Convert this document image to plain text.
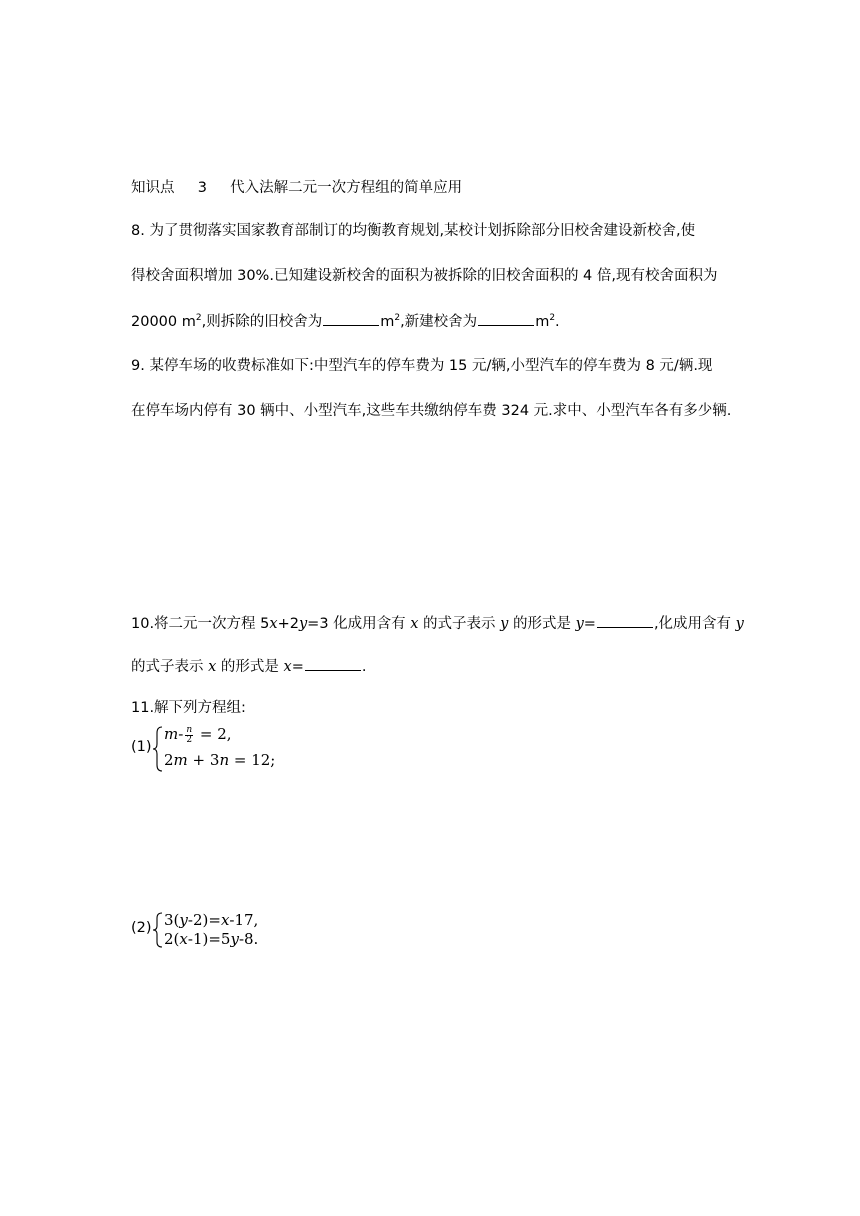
知识点 3 代入法解二元一次方程组的简单应用
8. 为了贯彻落实国家教育部制订的均衡教育规划,某校计划拆除部分旧校舍建设新校舍,使
得校舍面积增加 30%.已知建设新校舍的面积为被拆除的旧校舍面积的 4 倍,现有校舍面积为
20000 $m^2$,则拆除的旧校舍为	$m^2$,新建校舍为	$m^2$.
9. 某停车场的收费标准如下:中型汽车的停车费为 15 元/辆,小型汽车的停车费为 8 元/辆.现
在停车场内停有 30 辆中、小型汽车,这些车共缴纳停车费 324 元.求中、小型汽车各有多少辆.
10.将二元一次方程 5x+2y=3 化成用含有 x 的式子表示 y 的形式是 y=	,化成用含有 y
的式子表示 x 的形式是 x=	.
11.解下列方程组:
(1)
$m- \frac{n}{2} = 2$,
2m + 3n = 12;
(2) 3(y-2)=x-17,
2(x-1)=5y-8.
